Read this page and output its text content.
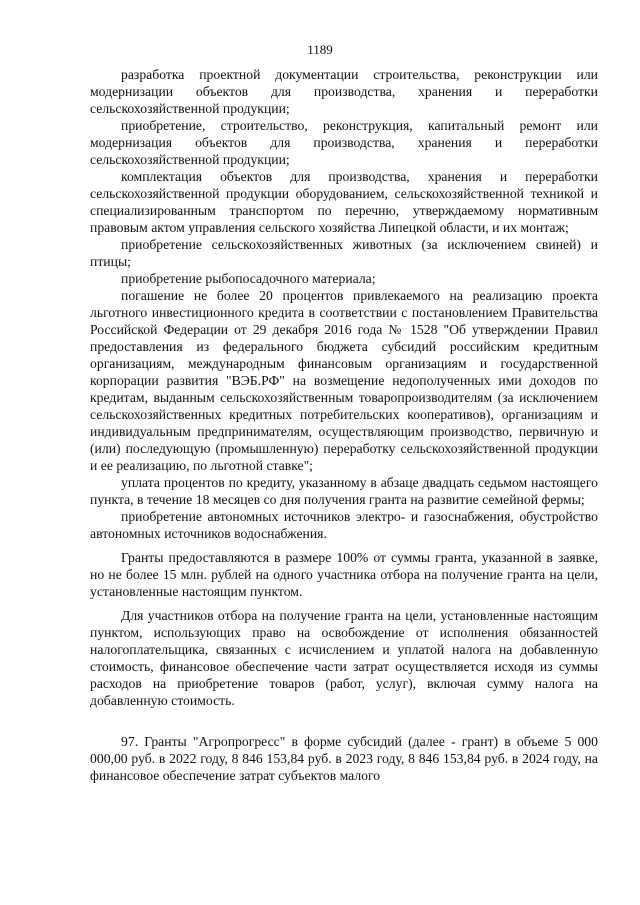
1189

разработка проектной документации строительства, реконструкции или модернизации объектов для производства, хранения и переработки сельскохозяйственной продукции;

приобретение, строительство, реконструкция, капитальный ремонт или модернизация объектов для производства, хранения и переработки сельскохозяйственной продукции;

комплектация объектов для производства, хранения и переработки сельскохозяйственной продукции оборудованием, сельскохозяйственной техникой и специализированным транспортом по перечню, утверждаемому нормативным правовым актом управления сельского хозяйства Липецкой области, и их монтаж;

приобретение сельскохозяйственных животных (за исключением свиней) и птицы;

приобретение рыбопосадочного материала;

погашение не более 20 процентов привлекаемого на реализацию проекта льготного инвестиционного кредита в соответствии с постановлением Правительства Российской Федерации от 29 декабря 2016 года № 1528 "Об утверждении Правил предоставления из федерального бюджета субсидий российским кредитным организациям, международным финансовым организациям и государственной корпорации развития "ВЭБ.РФ" на возмещение недополученных ими доходов по кредитам, выданным сельскохозяйственным товаропроизводителям (за исключением сельскохозяйственных кредитных потребительских кооперативов), организациям и индивидуальным предпринимателям, осуществляющим производство, первичную и (или) последующую (промышленную) переработку сельскохозяйственной продукции и ее реализацию, по льготной ставке";

уплата процентов по кредиту, указанному в абзаце двадцать седьмом настоящего пункта, в течение 18 месяцев со дня получения гранта на развитие семейной фермы;

приобретение автономных источников электро- и газоснабжения, обустройство автономных источников водоснабжения.

Гранты предоставляются в размере 100% от суммы гранта, указанной в заявке, но не более 15 млн. рублей на одного участника отбора на получение гранта на цели, установленные настоящим пунктом.

Для участников отбора на получение гранта на цели, установленные настоящим пунктом, использующих право на освобождение от исполнения обязанностей налогоплательщика, связанных с исчислением и уплатой налога на добавленную стоимость, финансовое обеспечение части затрат осуществляется исходя из суммы расходов на приобретение товаров (работ, услуг), включая сумму налога на добавленную стоимость.

97. Гранты "Агропрогресс" в форме субсидий (далее - грант) в объеме 5 000 000,00 руб. в 2022 году, 8 846 153,84 руб. в 2023 году, 8 846 153,84 руб. в 2024 году, на финансовое обеспечение затрат субъектов малого
